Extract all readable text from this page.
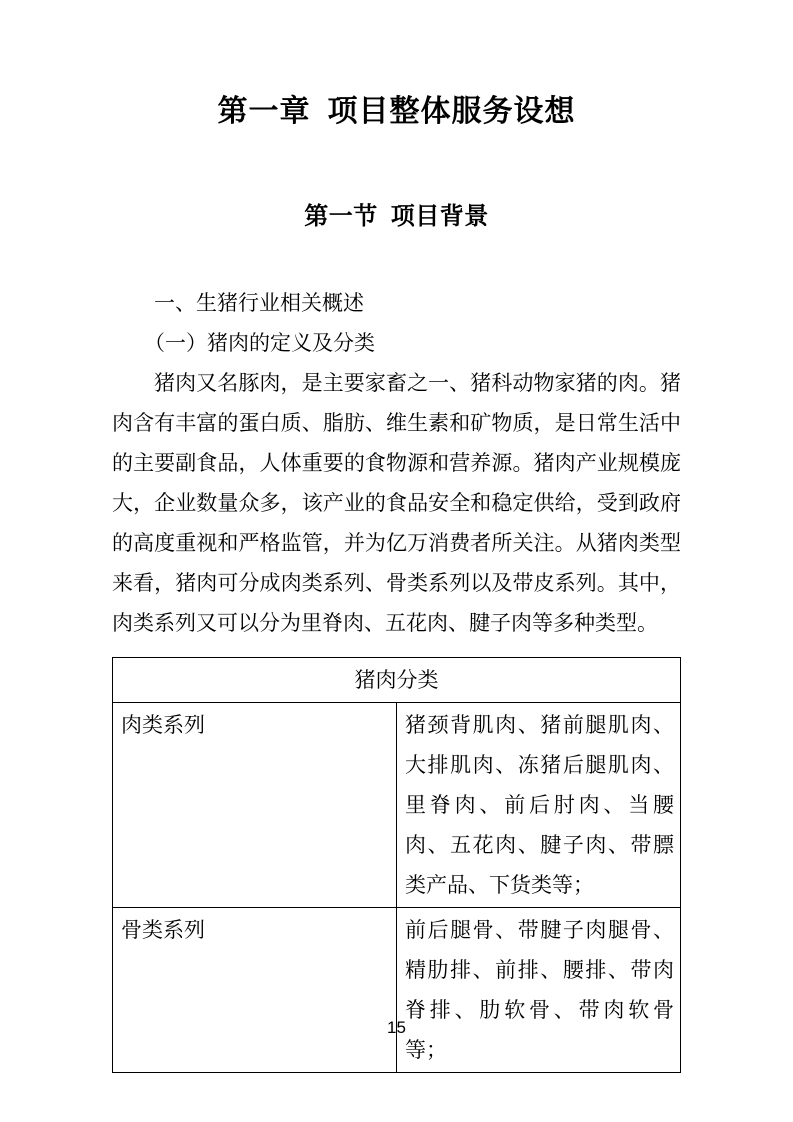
第一章  项目整体服务设想
第一节  项目背景

一、生猪行业相关概述

（一）猪肉的定义及分类

猪肉又名豚肉，是主要家畜之一、猪科动物家猪的肉。猪肉含有丰富的蛋白质、脂肪、维生素和矿物质，是日常生活中的主要副食品，人体重要的食物源和营养源。猪肉产业规模庞大，企业数量众多，该产业的食品安全和稳定供给，受到政府的高度重视和严格监管，并为亿万消费者所关注。从猪肉类型来看，猪肉可分成肉类系列、骨类系列以及带皮系列。其中，肉类系列又可以分为里脊肉、五花肉、腱子肉等多种类型。

猪肉分类	
肉类系列	猪颈背肌肉、猪前腿肌肉、大排肌肉、冻猪后腿肌肉、里脊肉、前后肘肉、当腰肉、五花肉、腱子肉、带膘类产品、下货类等；
骨类系列	前后腿骨、带腱子肉腿骨、精肋排、前排、腰排、带肉脊排、肋软骨、带肉软骨等；
15
